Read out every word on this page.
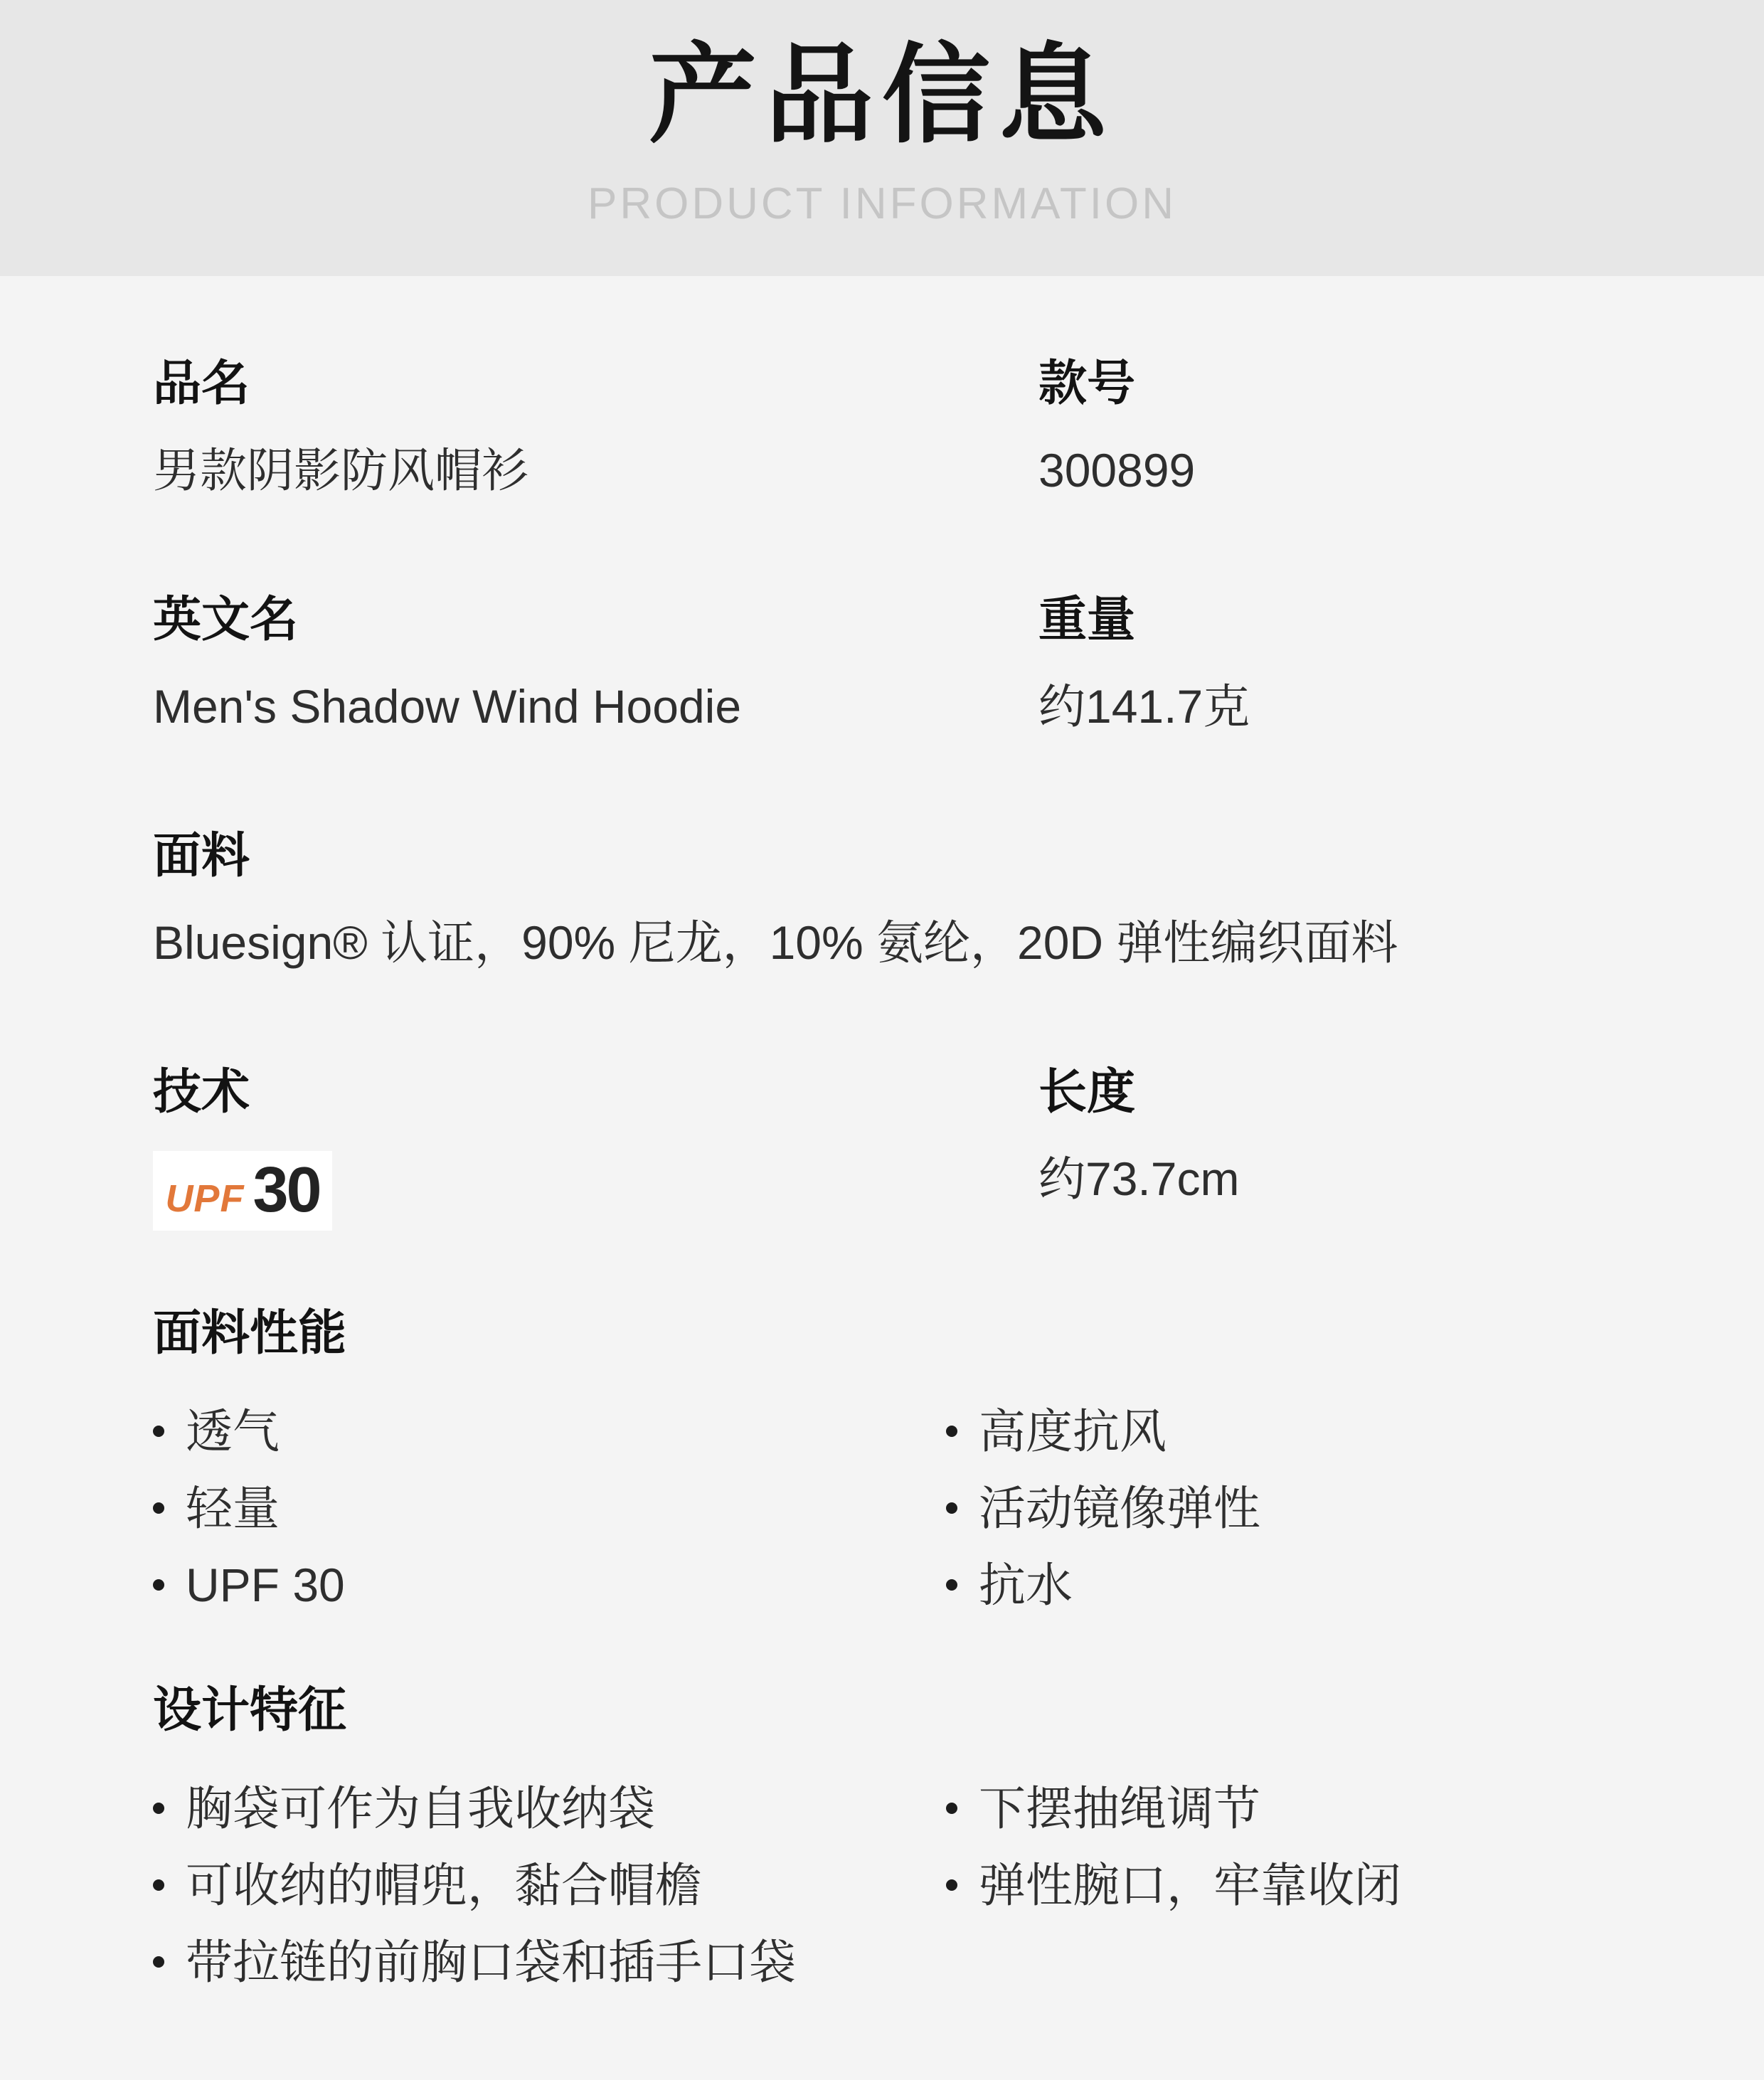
产品信息
PRODUCT INFORMATION
品名
男款阴影防风帽衫
款号
300899
英文名
Men's Shadow Wind Hoodie
重量
约141.7克
面料
Bluesign® 认证，90% 尼龙，10% 氨纶，20D 弹性编织面料
技术
UPF 30
长度
约73.7cm
面料性能
透气
轻量
UPF 30
高度抗风
活动镜像弹性
抗水
设计特征
胸袋可作为自我收纳袋
可收纳的帽兜，黏合帽檐
带拉链的前胸口袋和插手口袋
下摆抽绳调节
弹性腕口，牢靠收闭
